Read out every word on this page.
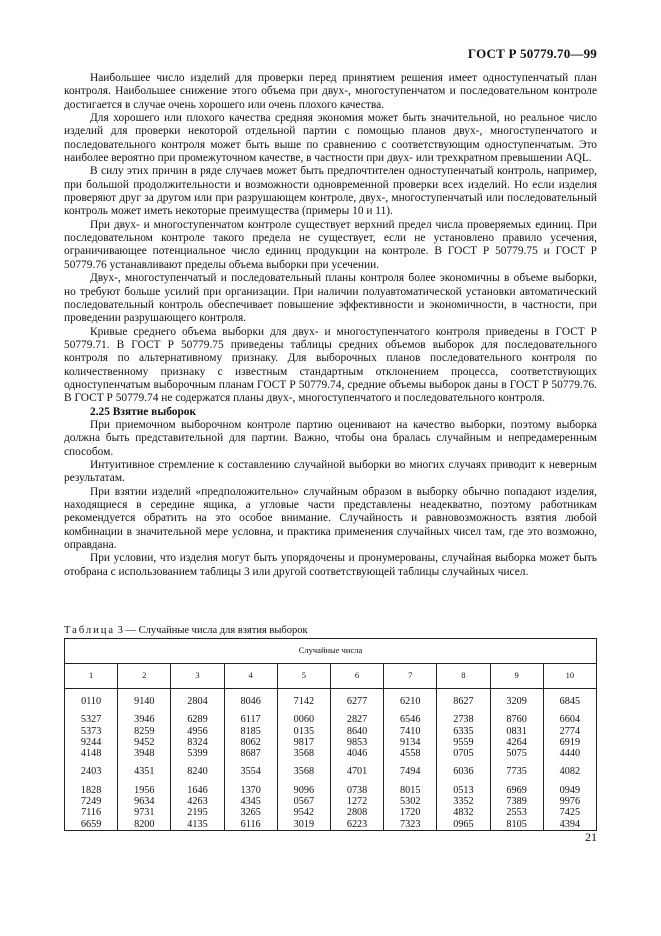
ГОСТ Р 50779.70—99

Наибольшее число изделий для проверки перед принятием решения имеет одноступенчатый план контроля. Наибольшее снижение этого объема при двух-, многоступенчатом и последовательном контроле достигается в случае очень хорошего или очень плохого качества.

Для хорошего или плохого качества средняя экономия может быть значительной, но реальное число изделий для проверки некоторой отдельной партии с помощью планов двух-, многоступенчатого и последовательного контроля может быть выше по сравнению с соответствующим одноступенчатым. Это наиболее вероятно при промежуточном качестве, в частности при двух- или трехкратном превышении AQL.

В силу этих причин в ряде случаев может быть предпочтителен одноступенчатый контроль, например, при большой продолжительности и возможности одновременной проверки всех изделий. Но если изделия проверяют друг за другом или при разрушающем контроле, двух-, многоступенчатый или последовательный контроль может иметь некоторые преимущества (примеры 10 и 11).

При двух- и многоступенчатом контроле существует верхний предел числа проверяемых единиц. При последовательном контроле такого предела не существует, если не установлено правило усечения, ограничивающее потенциальное число единиц продукции на контроле. В ГОСТ Р 50779.75 и ГОСТ Р 50779.76 устанавливают пределы объема выборки при усечении.

Двух-, многоступенчатый и последовательный планы контроля более экономичны в объеме выборки, но требуют больше усилий при организации. При наличии полуавтоматической установки автоматический последовательный контроль обеспечивает повышение эффективности и экономичности, в частности, при проведении разрушающего контроля.

Кривые среднего объема выборки для двух- и многоступенчатого контроля приведены в ГОСТ Р 50779.71. В ГОСТ Р 50779.75 приведены таблицы средних объемов выборок для последовательного контроля по альтернативному признаку. Для выборочных планов последовательного контроля по количественному признаку с известным стандартным отклонением процесса, соответствующих одноступенчатым выборочным планам ГОСТ Р 50779.74, средние объемы выборок даны в ГОСТ Р 50779.76. В ГОСТ Р 50779.74 не содержатся планы двух-, многоступенчатого и последовательного контроля.

2.25 Взятие выборок

При приемочном выборочном контроле партию оценивают на качество выборки, поэтому выборка должна быть представительной для партии. Важно, чтобы она бралась случайным и непредамеренным способом.

Интуитивное стремление к составлению случайной выборки во многих случаях приводит к неверным результатам.

При взятии изделий «предположительно» случайным образом в выборку обычно попадают изделия, находящиеся в середине ящика, а угловые части представлены неадекватно, поэтому работникам рекомендуется обратить на это особое внимание. Случайность и равновозможность взятия любой комбинации в значительной мере условна, и практика применения случайных чисел там, где это возможно, оправдана.

При условии, что изделия могут быть упорядочены и пронумерованы, случайная выборка может быть отобрана с использованием таблицы 3 или другой соответствующей таблицы случайных чисел.

Таблица 3 — Случайные числа для взятия выборок
Случайные числа									
1	2	3	4	5	6	7	8	9	10

0110	9140	2804	8046	7142	6277	6210	8627	3209	6845

5327	3946	6289	6117	0060	2827	6546	2738	8760	6604
5373	8259	4956	8185	0135	8640	7410	6335	0831	2774
9244	9452	8324	8062	9817	9853	9134	9559	4264	6919
4148	3948	5399	8687	3568	4046	4558	0705	5075	4440

2403	4351	8240	3554	3568	4701	7494	6036	7735	4082

1828	1956	1646	1370	9096	0738	8015	0513	6969	0949
7249	9634	4263	4345	0567	1272	5302	3352	7389	9976
7116	9731	2195	3265	9542	2808	1720	4832	2553	7425
6659	8200	4135	6116	3019	6223	7323	0965	8105	4394
21
